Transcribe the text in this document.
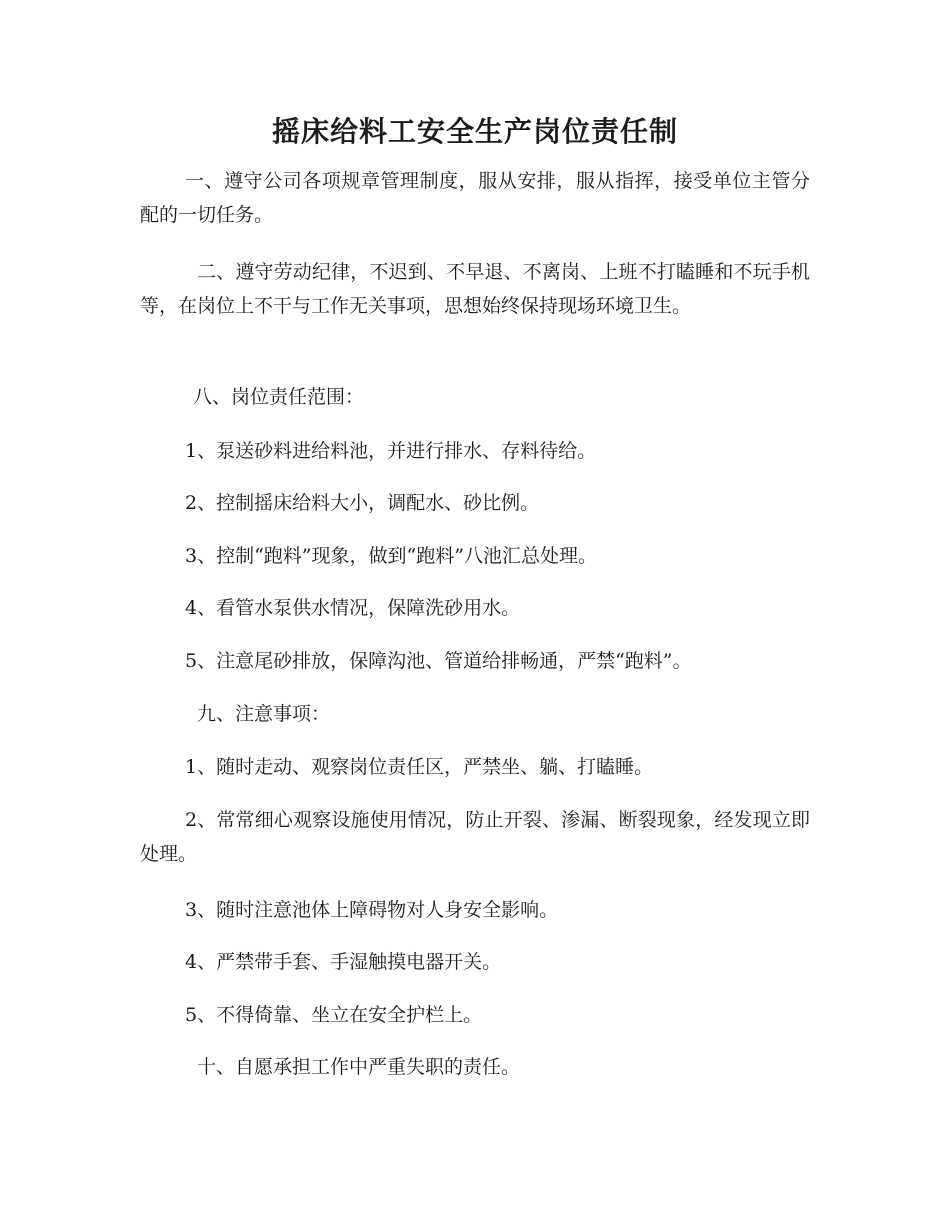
摇床给料工安全生产岗位责任制

一、遵守公司各项规章管理制度，服从安排，服从指挥，接受单位主管分配的一切任务。

二、遵守劳动纪律，不迟到、不早退、不离岗、上班不打瞌睡和不玩手机等，在岗位上不干与工作无关事项，思想始终保持现场环境卫生。

八、岗位责任范围：

1、泵送砂料进给料池，并进行排水、存料待给。

2、控制摇床给料大小，调配水、砂比例。

3、控制“跑料”现象，做到“跑料”八池汇总处理。

4、看管水泵供水情况，保障洗砂用水。

5、注意尾砂排放，保障沟池、管道给排畅通，严禁“跑料”。

九、注意事项：

1、随时走动、观察岗位责任区，严禁坐、躺、打瞌睡。

2、常常细心观察设施使用情况，防止开裂、渗漏、断裂现象，经发现立即处理。

3、随时注意池体上障碍物对人身安全影响。

4、严禁带手套、手湿触摸电器开关。

5、不得倚靠、坐立在安全护栏上。

十、自愿承担工作中严重失职的责任。
